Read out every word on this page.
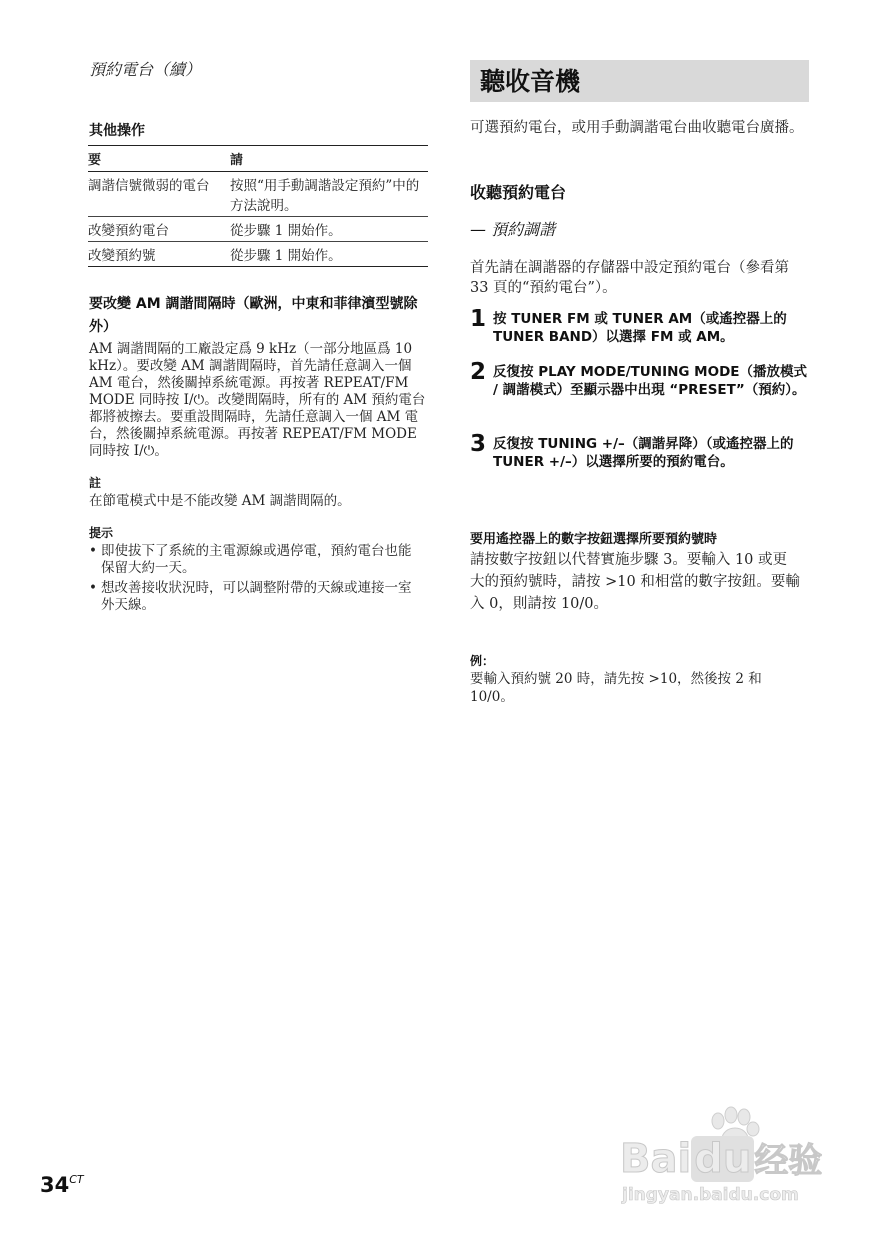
預約電台（續）
其他操作
要	請
調諧信號微弱的電台	按照“用手動調諧設定預約”中的方法說明。
改變預約電台	從步驟 1 開始作。
改變預約號	從步驟 1 開始作。
要改變 AM 調諧間隔時（歐洲，中東和菲律濱型號除外）
AM 調諧間隔的工廠設定爲 9 kHz（一部分地區爲 10 kHz）。要改變 AM 調諧間隔時，首先請任意調入一個 AM 電台，然後關掉系統電源。再按著 REPEAT/FM MODE 同時按 I/⏻。改變間隔時，所有的 AM 預約電台都將被擦去。要重設間隔時，先請任意調入一個 AM 電台，然後關掉系統電源。再按著 REPEAT/FM MODE 同時按 I/⏻。
註
在節電模式中是不能改變 AM 調諧間隔的。
提示
• 即使拔下了系統的主電源線或遇停電，預約電台也能保留大約一天。
• 想改善接收狀況時，可以調整附帶的天線或連接一室外天線。
聽收音機
可選預約電台，或用手動調諧電台曲收聽電台廣播。
收聽預約電台
— 預約調諧
首先請在調諧器的存儲器中設定預約電台（參看第 33 頁的“預約電台”）。
1 按 TUNER FM 或 TUNER AM（或遙控器上的 TUNER BAND）以選擇 FM 或 AM。
2 反復按 PLAY MODE/TUNING MODE（播放模式 / 調諧模式）至顯示器中出現 “PRESET”（預約）。
3 反復按 TUNING +/–（調諧昇降）（或遙控器上的 TUNER +/–）以選擇所要的預約電台。
要用遙控器上的數字按鈕選擇所要預約號時
請按數字按鈕以代替實施步驟 3。要輸入 10 或更大的預約號時，請按 >10 和相當的數字按鈕。要輸入 0，則請按 10/0。
例：
要輸入預約號 20 時，請先按 >10，然後按 2 和 10/0。
$34^{CT}$	Baidu经验
jingyan.baidu.com
